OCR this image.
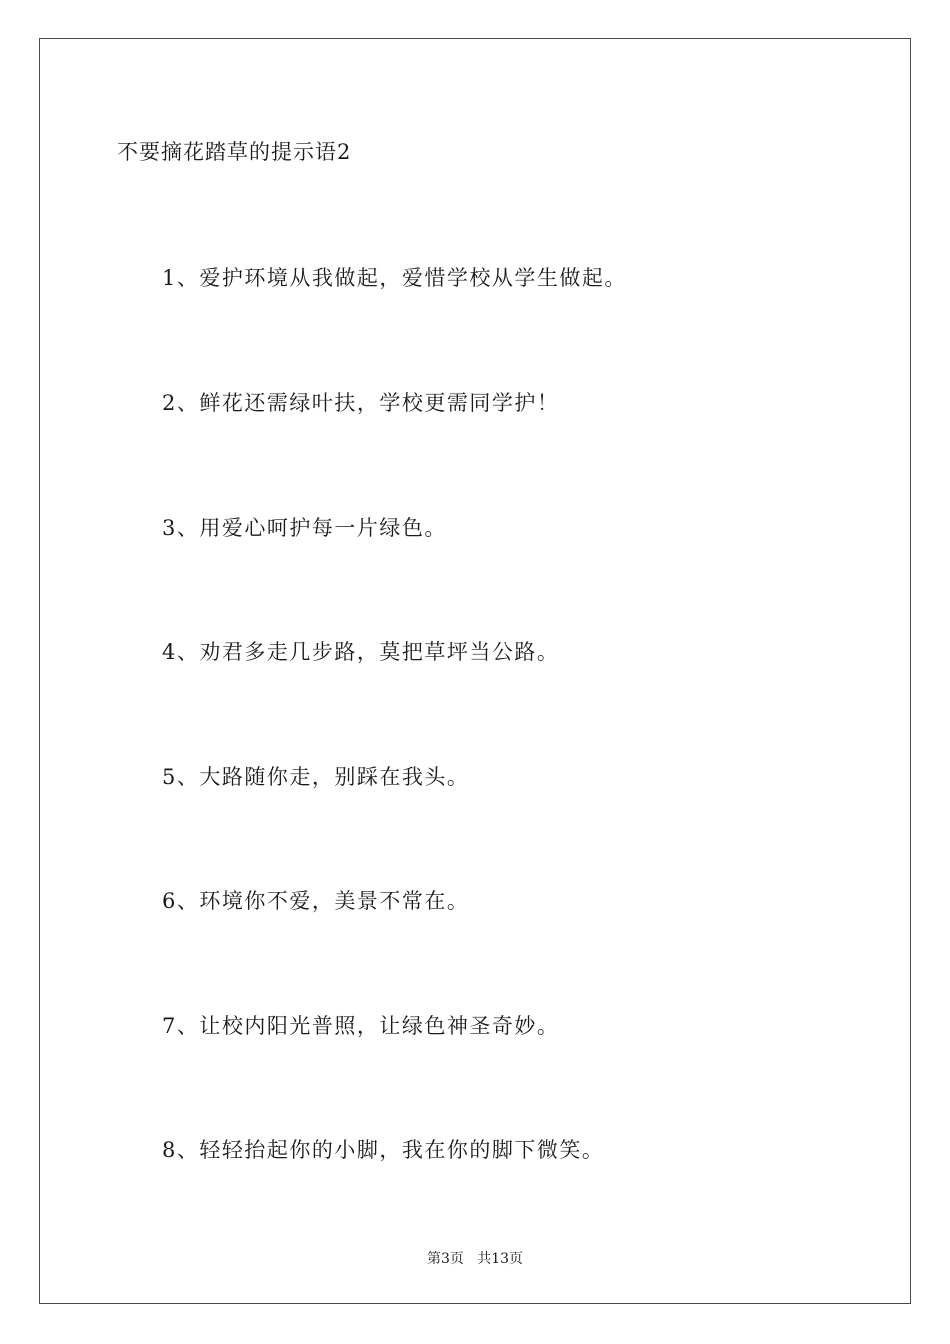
不要摘花踏草的提示语2
1、爱护环境从我做起，爱惜学校从学生做起。
2、鲜花还需绿叶扶，学校更需同学护！
3、用爱心呵护每一片绿色。
4、劝君多走几步路，莫把草坪当公路。
5、大路随你走，别踩在我头。
6、环境你不爱，美景不常在。
7、让校内阳光普照，让绿色神圣奇妙。
8、轻轻抬起你的小脚，我在你的脚下微笑。
第3页   共13页
